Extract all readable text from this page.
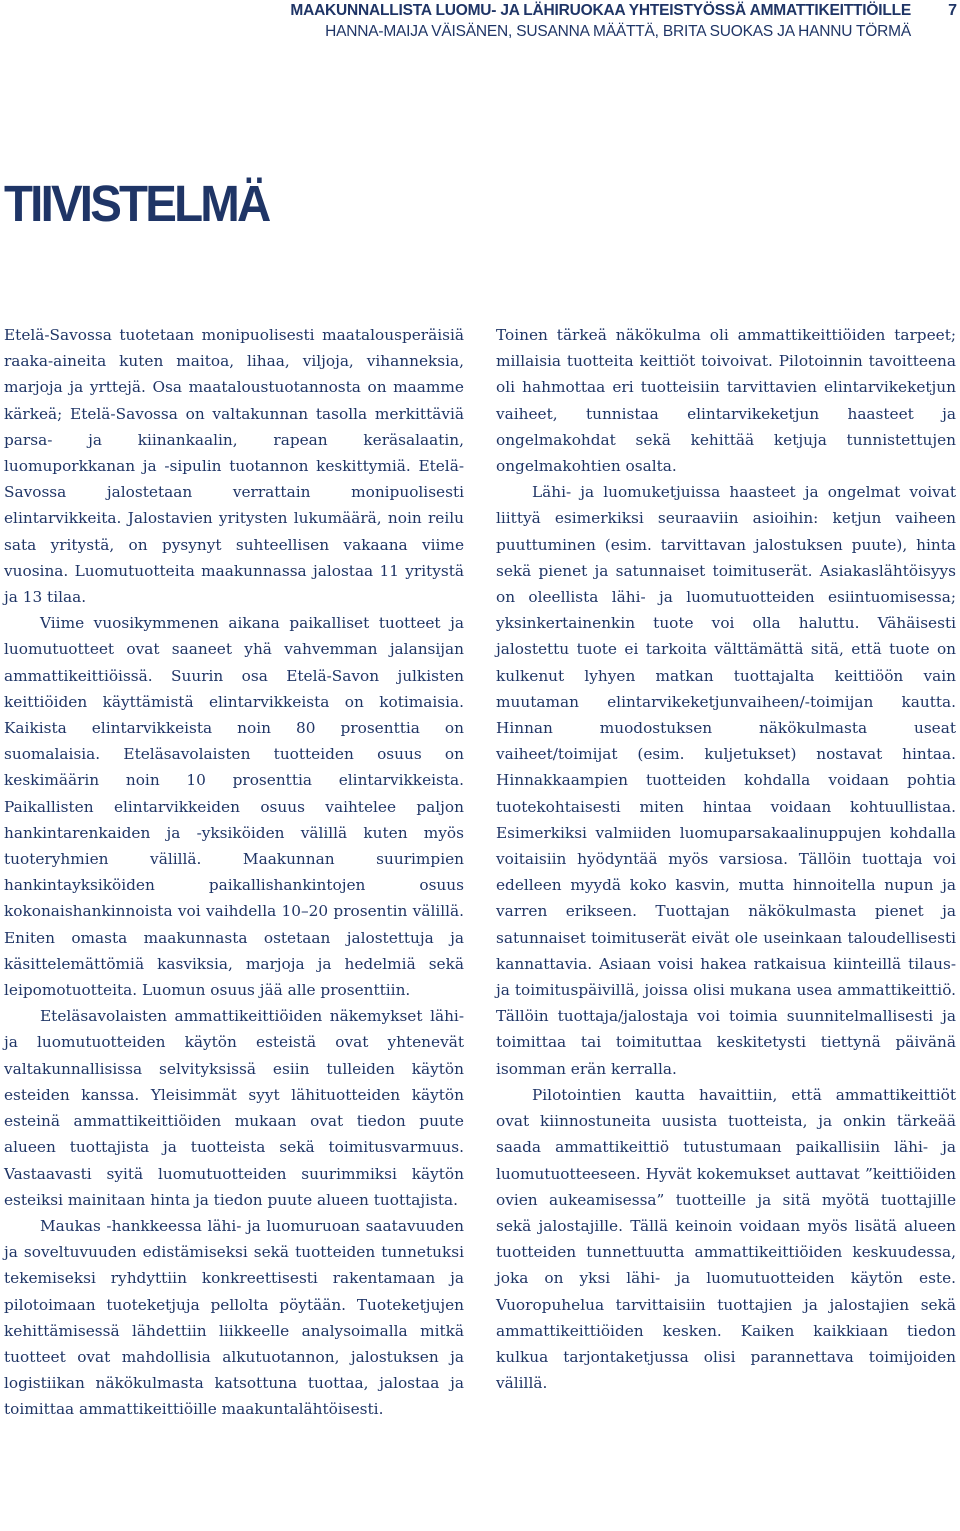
MAAKUNNALLISTA LUOMU- JA LÄHIRUOKAA YHTEISTYÖSSÄ AMMATTIKEITTIÖILLE 7
HANNA-MAIJA VÄISÄNEN, SUSANNA MÄÄTTÄ, BRITA SUOKAS JA HANNU TÖRMÄ
TIIVISTELMÄ

Etelä-Savossa tuotetaan monipuolisesti maatalousperäisiä raaka-aineita kuten maitoa, lihaa, viljoja, vihanneksia, marjoja ja yrttejä. Osa maataloustuotannosta on maamme kärkeä; Etelä-Savossa on valtakunnan tasolla merkittäviä parsa- ja kiinankaalin, rapean keräsalaatin, luomuporkkanan ja -sipulin tuotannon keskittymiä. Etelä-Savossa jalostetaan verrattain monipuolisesti elintarvikkeita. Jalostavien yritysten lukumäärä, noin reilu sata yritystä, on pysynyt suhteellisen vakaana viime vuosina. Luomutuotteita maakunnassa jalostaa 11 yritystä ja 13 tilaa.

Viime vuosikymmenen aikana paikalliset tuotteet ja luomutuotteet ovat saaneet yhä vahvemman jalansijan ammattikeittiöissä. Suurin osa Etelä-Savon julkisten keittiöiden käyttämistä elintarvikkeista on kotimaisia. Kaikista elintarvikkeista noin 80 prosenttia on suomalaisia. Eteläsavolaisten tuotteiden osuus on keskimäärin noin 10 prosenttia elintarvikkeista. Paikallisten elintarvikkeiden osuus vaihtelee paljon hankintarenkaiden ja -yksiköiden välillä kuten myös tuoteryhmien välillä. Maakunnan suurimpien hankintayksiköiden paikallishankintojen osuus kokonaishankinnoista voi vaihdella 10–20 prosentin välillä. Eniten omasta maakunnasta ostetaan jalostettuja ja käsittelemättömiä kasviksia, marjoja ja hedelmiä sekä leipomotuotteita. Luomun osuus jää alle prosenttiin.

Eteläsavolaisten ammattikeittiöiden näkemykset lähi- ja luomutuotteiden käytön esteistä ovat yhtenevät valtakunnallisissa selvityksissä esiin tulleiden käytön esteiden kanssa. Yleisimmät syyt lähituotteiden käytön esteinä ammattikeittiöiden mukaan ovat tiedon puute alueen tuottajista ja tuotteista sekä toimitusvarmuus. Vastaavasti syitä luomutuotteiden suurimmiksi käytön esteiksi mainitaan hinta ja tiedon puute alueen tuottajista.

Maukas -hankkeessa lähi- ja luomuruoan saatavuuden ja soveltuvuuden edistämiseksi sekä tuotteiden tunnetuksi tekemiseksi ryhdyttiin konkreettisesti rakentamaan ja pilotoimaan tuoteketjuja pellolta pöytään. Tuoteketjujen kehittämisessä lähdettiin liikkeelle analysoimalla mitkä tuotteet ovat mahdollisia alkutuotannon, jalostuksen ja logistiikan näkökulmasta katsottuna tuottaa, jalostaa ja toimittaa ammattikeittiöille maakuntalähtöisesti.

Toinen tärkeä näkökulma oli ammattikeittiöiden tarpeet; millaisia tuotteita keittiöt toivoivat. Pilotoinnin tavoitteena oli hahmottaa eri tuotteisiin tarvittavien elintarvikeketjun vaiheet, tunnistaa elintarvikeketjun haasteet ja ongelmakohdat sekä kehittää ketjuja tunnistettujen ongelmakohtien osalta.

Lähi- ja luomuketjuissa haasteet ja ongelmat voivat liittyä esimerkiksi seuraaviin asioihin: ketjun vaiheen puuttuminen (esim. tarvittavan jalostuksen puute), hinta sekä pienet ja satunnaiset toimituserät. Asiakaslähtöisyys on oleellista lähi- ja luomutuotteiden esiintuomisessa; yksinkertainenkin tuote voi olla haluttu. Vähäisesti jalostettu tuote ei tarkoita välttämättä sitä, että tuote on kulkenut lyhyen matkan tuottajalta keittiöön vain muutaman elintarvikeketjunvaiheen/-toimijan kautta. Hinnan muodostuksen näkökulmasta useat vaiheet/toimijat (esim. kuljetukset) nostavat hintaa. Hinnakkaampien tuotteiden kohdalla voidaan pohtia tuotekohtaisesti miten hintaa voidaan kohtuullistaa. Esimerkiksi valmiiden luomuparsakaalinuppujen kohdalla voitaisiin hyödyntää myös varsiosa. Tällöin tuottaja voi edelleen myydä koko kasvin, mutta hinnoitella nupun ja varren erikseen. Tuottajan näkökulmasta pienet ja satunnaiset toimituserät eivät ole useinkaan taloudellisesti kannattavia. Asiaan voisi hakea ratkaisua kiinteillä tilaus- ja toimituspäivillä, joissa olisi mukana usea ammattikeittiö. Tällöin tuottaja/jalostaja voi toimia suunnitelmallisesti ja toimittaa tai toimituttaa keskitetysti tiettynä päivänä isomman erän kerralla.

Pilotointien kautta havaittiin, että ammattikeittiöt ovat kiinnostuneita uusista tuotteista, ja onkin tärkeää saada ammattikeittiö tutustumaan paikallisiin lähi- ja luomutuotteeseen. Hyvät kokemukset auttavat ”keittiöiden ovien aukeamisessa” tuotteille ja sitä myötä tuottajille sekä jalostajille. Tällä keinoin voidaan myös lisätä alueen tuotteiden tunnettuutta ammattikeittiöiden keskuudessa, joka on yksi lähi- ja luomutuotteiden käytön este. Vuoropuhelua tarvittaisiin tuottajien ja jalostajien sekä ammattikeittiöiden kesken. Kaiken kaikkiaan tiedon kulkua tarjontaketjussa olisi parannettava toimijoiden välillä.
